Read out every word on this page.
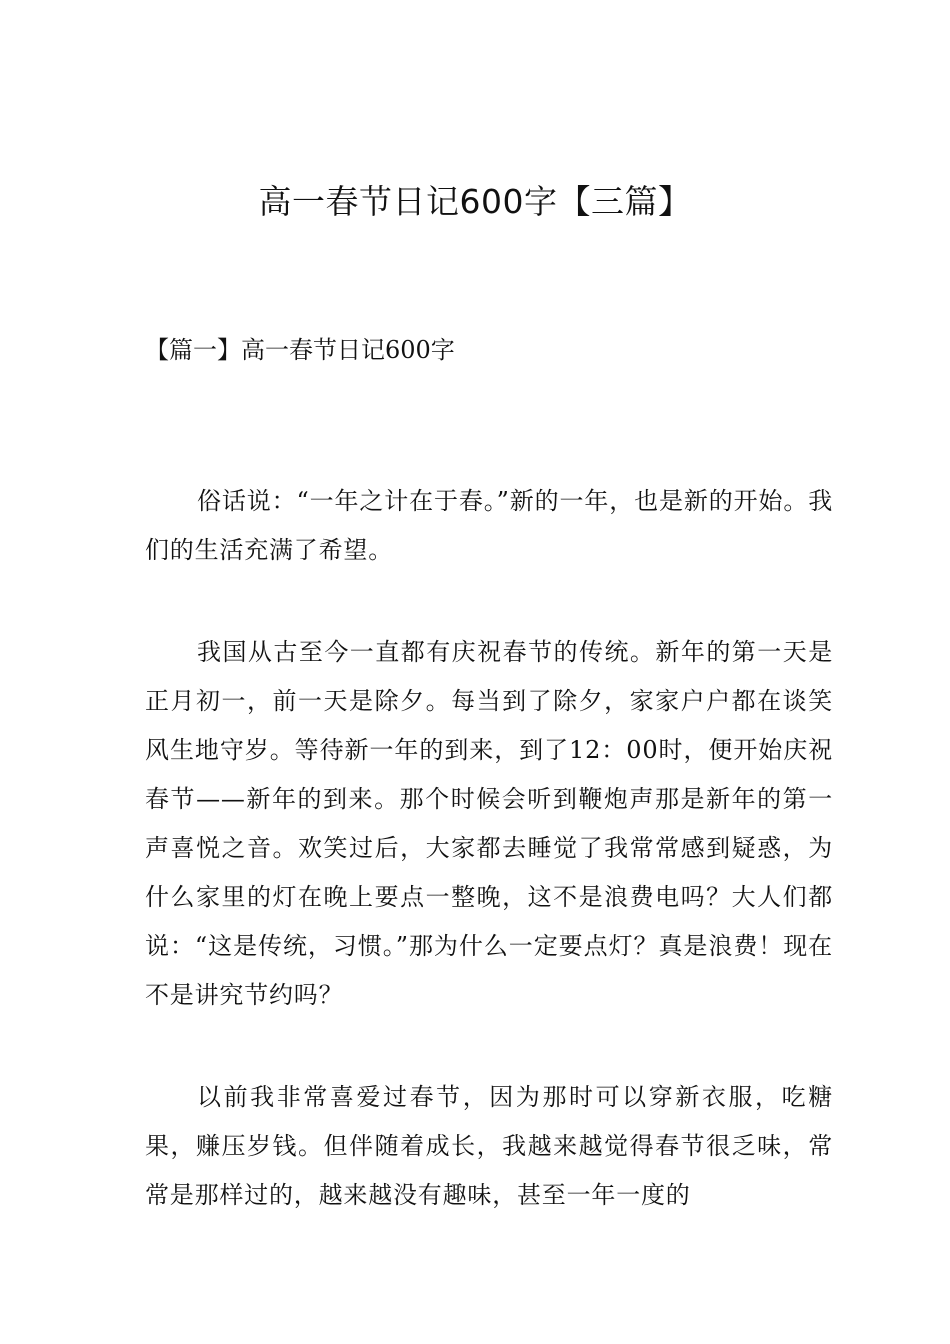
高一春节日记600字【三篇】
【篇一】高一春节日记600字

俗话说：“一年之计在于春。”新的一年，也是新的开始。我们的生活充满了希望。

我国从古至今一直都有庆祝春节的传统。新年的第一天是正月初一，前一天是除夕。每当到了除夕，家家户户都在谈笑风生地守岁。等待新一年的到来，到了12：00时，便开始庆祝春节——新年的到来。那个时候会听到鞭炮声那是新年的第一声喜悦之音。欢笑过后，大家都去睡觉了我常常感到疑惑，为什么家里的灯在晚上要点一整晚，这不是浪费电吗？大人们都说：“这是传统，习惯。”那为什么一定要点灯？真是浪费！现在不是讲究节约吗？

以前我非常喜爱过春节，因为那时可以穿新衣服，吃糖果，赚压岁钱。但伴随着成长，我越来越觉得春节很乏味，常常是那样过的，越来越没有趣味，甚至一年一度的
